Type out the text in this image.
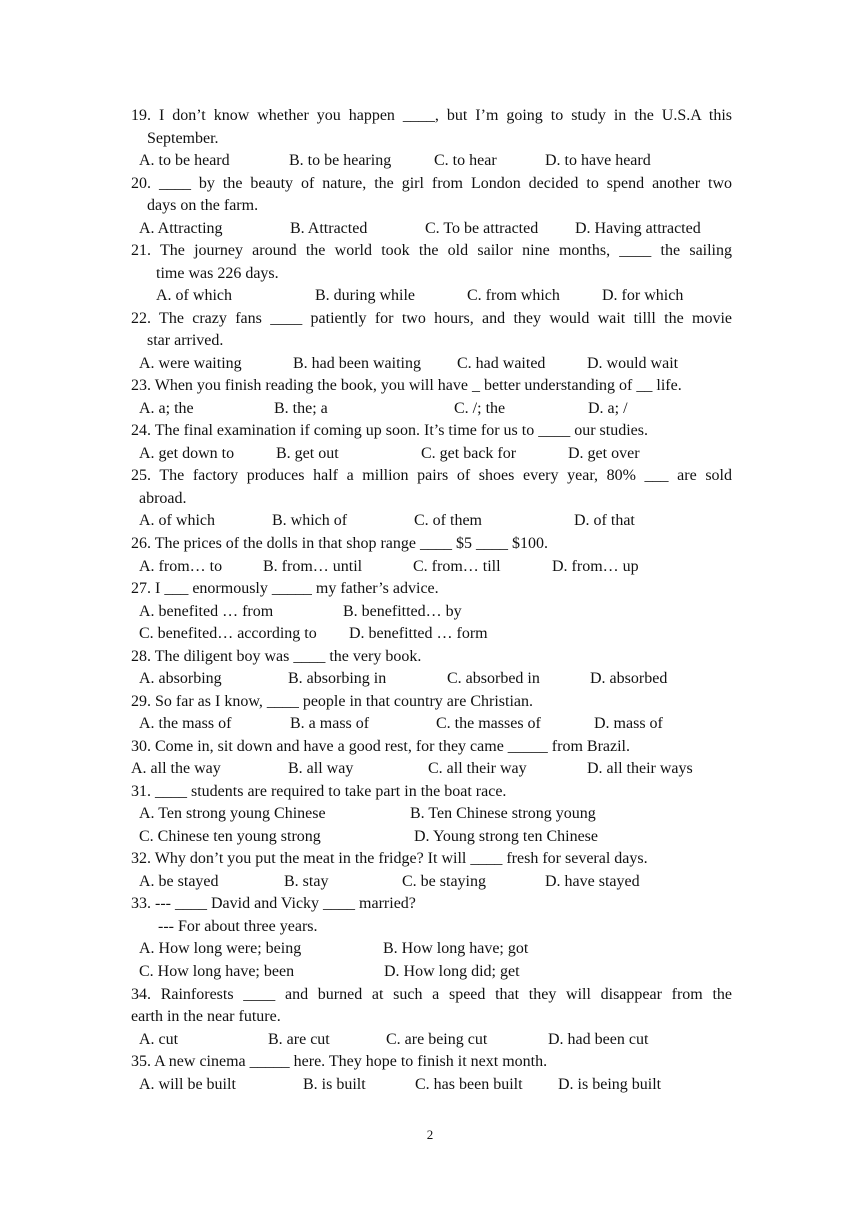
19. I don’t know whether you happen ____, but I’m going to study in the U.S.A this
September.
A. to be heard	B. to be hearing	C. to hear	D. to have heard
20. ____ by the beauty of nature, the girl from London decided to spend another two
days on the farm.
A. Attracting	B. Attracted	C. To be attracted D. Having attracted
21. The journey around the world took the old sailor nine months, ____ the sailing
time was 226 days.
A. of which	B. during while	C. from which	D. for which
22. The crazy fans ____ patiently for two hours, and they would wait tilll the movie
star arrived.
A. were waiting	B. had been waiting C. had waited	D. would wait
23. When you finish reading the book, you will have _ better understanding of __ life.
A. a; the	B. the; a	C. /; the	D. a; /
24. The final examination if coming up soon. It’s time for us to ____ our studies.
A. get down to	B. get out	C. get back for	D. get over
25. The factory produces half a million pairs of shoes every year, 80% ___ are sold
abroad.
A. of which	B. which of	C. of them	D. of that
26. The prices of the dolls in that shop range ____ $5 ____ $100.
A. from… to	B. from… until	C. from… till	D. from… up
27. I ___ enormously _____ my father’s advice.
A. benefited … from	B. benefitted… by
C. benefited… according to D. benefitted … form
28. The diligent boy was ____ the very book.
A. absorbing	B. absorbing in	C. absorbed in	D. absorbed
29. So far as I know, ____ people in that country are Christian.
A. the mass of	B. a mass of	C. the masses of	D. mass of
30. Come in, sit down and have a good rest, for they came _____ from Brazil.
A. all the way	B. all way	C. all their way	D. all their ways
31. ____ students are required to take part in the boat race.
A. Ten strong young Chinese	B. Ten Chinese strong young
C. Chinese ten young strong	D. Young strong ten Chinese
32. Why don’t you put the meat in the fridge? It will ____ fresh for several days.
A. be stayed	B. stay	C. be staying	D. have stayed
33. --- ____ David and Vicky ____ married?
--- For about three years.
A. How long were; being	B. How long have; got
C. How long have; been	D. How long did; get
34. Rainforests ____ and burned at such a speed that they will disappear from the
earth in the near future.
A. cut	B. are cut	C. are being cut	D. had been cut
35. A new cinema _____ here. They hope to finish it next month.
A. will be built	B. is built	C. has been built D. is being built
2
